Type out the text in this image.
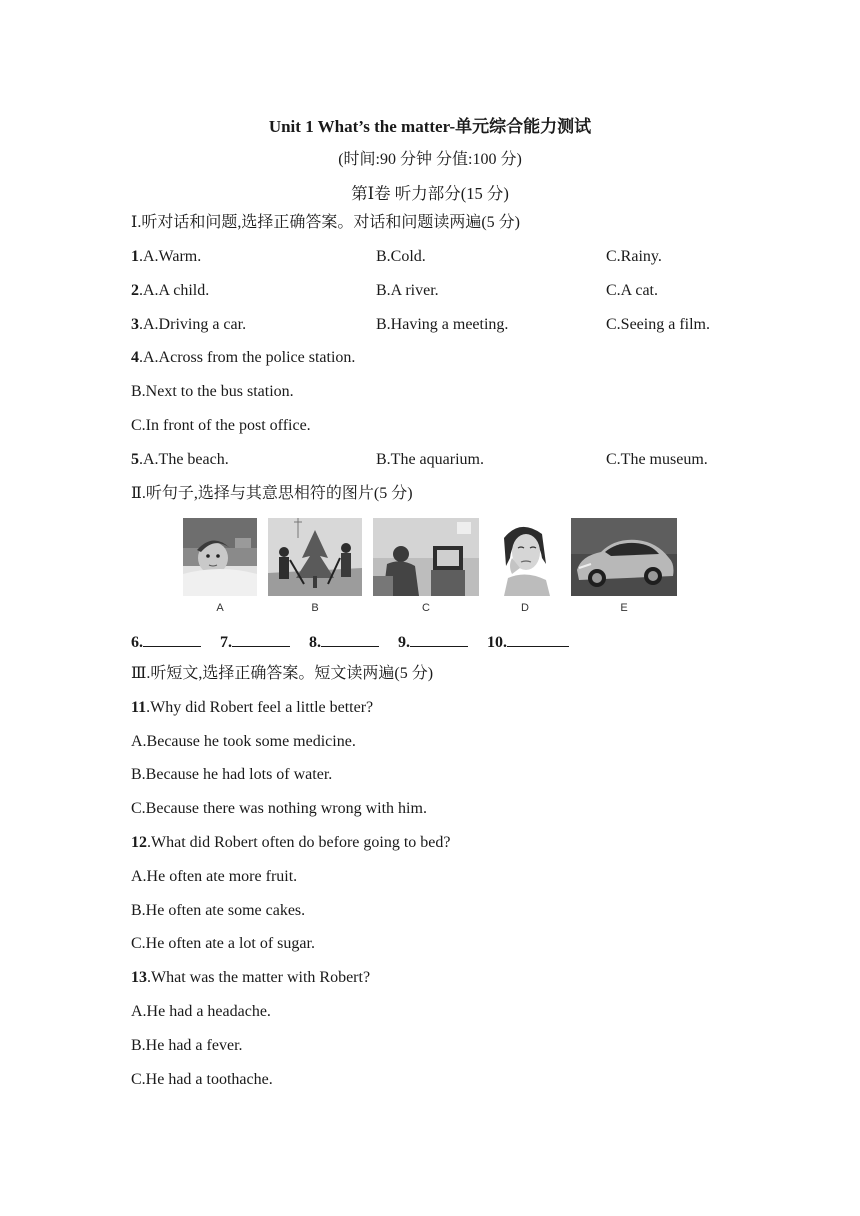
Unit 1 What’s the matter-单元综合能力测试
(时间:90 分钟 分值:100 分)
第Ⅰ卷 听力部分(15 分)
Ⅰ.听对话和问题,选择正确答案。对话和问题读两遍(5 分)
1.A.Warm.	B.Cold.	C.Rainy.
2.A.A child.	B.A river.	C.A cat.
3.A.Driving a car.	B.Having a meeting.	C.Seeing a film.
4.A.Across from the police station.
B.Next to the bus station.
C.In front of the post office.
5.A.The beach.	B.The aquarium.	C.The museum.
Ⅱ.听句子,选择与其意思相符的图片(5 分)
A	B	C	D	E
6.	7.	8.	9.	10.
Ⅲ.听短文,选择正确答案。短文读两遍(5 分)
11.Why did Robert feel a little better?
A.Because he took some medicine.
B.Because he had lots of water.
C.Because there was nothing wrong with him.
12.What did Robert often do before going to bed?
A.He often ate more fruit.
B.He often ate some cakes.
C.He often ate a lot of sugar.
13.What was the matter with Robert?
A.He had a headache.
B.He had a fever.
C.He had a toothache.
